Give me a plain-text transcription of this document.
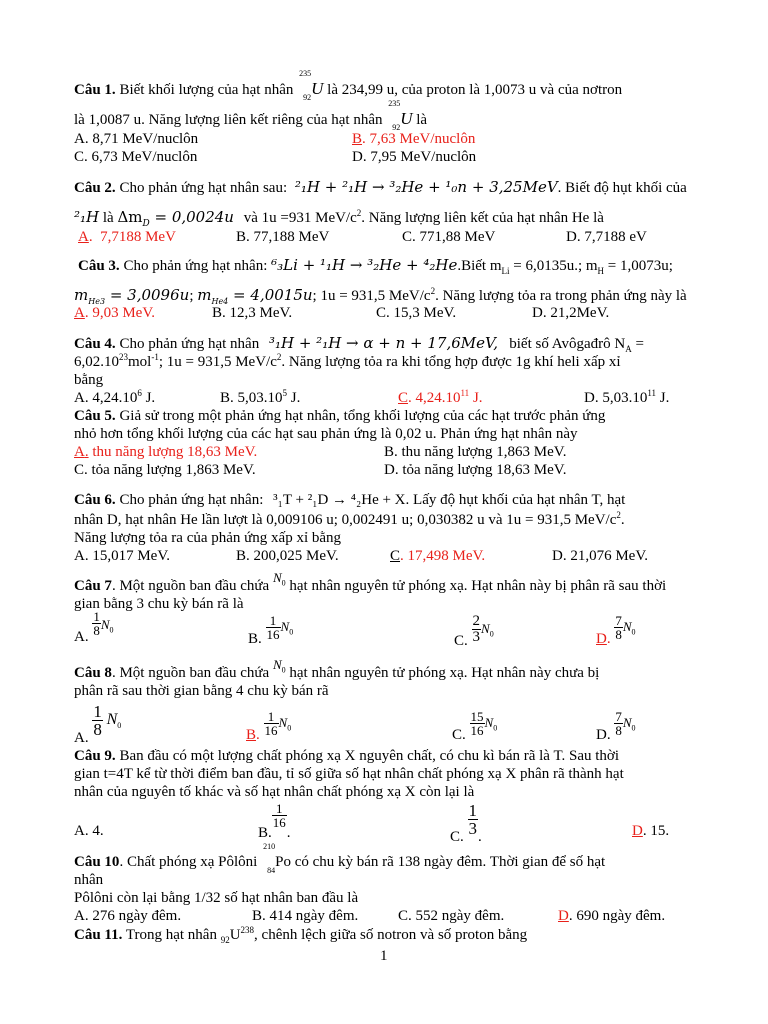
Câu 1. Biết khối lượng của hạt nhân
235
92 U là 234,99 u, của proton là 1,0073 u và của nơtron
là 1,0087 u. Năng lượng liên kết riêng của hạt nhân
235
92 U là
A. 8,71 MeV/nuclôn	B. 7,63 MeV/nuclôn
C. 6,73 MeV/nuclôn	D. 7,95 MeV/nuclôn
Câu 2. Cho phản ứng hạt nhân sau: ²₁H + ²₁H → ³₂He + ¹₀n + 3,25MeV. Biết độ hụt khối của
²₁H là $\Delta m_D = 0,0024u$ và 1u =931 MeV/$c^2$. Năng lượng liên kết của hạt nhân He là
A.  7,7188 MeV	B. 77,188 MeV	C. 771,88 MeV	D. 7,7188 eV
Câu 3. Cho phản ứng hạt nhân: ⁶₃Li + ¹₁H → ³₂He + ⁴₂He.Biết $m_{Li} = 6,0135u$.; $m_H = 1,0073u$;
$m_{He3} = 3,0096u$; $m_{He4} = 4,0015u$; 1u = 931,5 MeV/$c^2$. Năng lượng tỏa ra trong phản ứng này là
A. 9,03 MeV.	B. 12,3 MeV.	C. 15,3 MeV.	D. 21,2MeV.
Câu 4. Cho phản ứng hạt nhân ³₁H + ²₁H → α + n + 17,6MeV,   biết số Avôgađrô $N_A$ =
$6,02.10^{23}mol^{-1}$; 1u = 931,5 MeV/$c^2$. Năng lượng tỏa ra khi tổng hợp được 1g khí heli xấp xỉ
bằng
A. 4,24.10$^6$ J.	B. 5,03.10$^5$ J.	C. 4,24.10$^{11}$ J.	D. 5,03.10$^{11}$ J.
Câu 5. Giả sử trong một phản ứng hạt nhân, tổng khối lượng của các hạt trước phản ứng
nhỏ hơn tổng khối lượng của các hạt sau phản ứng là 0,02 u. Phản ứng hạt nhân này
A. thu năng lượng 18,63 MeV.	B. thu năng lượng 1,863 MeV.
C. tỏa năng lượng 1,863 MeV.	D. tỏa năng lượng 18,63 MeV.
Câu 6. Cho phản ứng hạt nhân: ³₁T + ²₁D → ⁴₂He + X. Lấy độ hụt khối của hạt nhân T, hạt
nhân D, hạt nhân He lần lượt là 0,009106 u; 0,002491 u; 0,030382 u và 1u = 931,5 MeV/$c^2$.
Năng lượng tỏa ra của phản ứng xấp xỉ bằng
A. 15,017 MeV.	B. 200,025 MeV.	C. 17,498 MeV.	D. 21,076 MeV.
Câu 7. Một nguồn ban đầu chứa $N_0$ hạt nhân nguyên tử phóng xạ. Hạt nhân này bị phân rã sau thời
gian bằng 3 chu kỳ bán rã là
A. $\frac{1}{8} N_0$
B. $\frac{1}{16} N_0$
C. $\frac{2}{3} N_0$	D. $\frac{7}{8} N_0$
Câu 8. Một nguồn ban đầu chứa $N_0$ hạt nhân nguyên tử phóng xạ. Hạt nhân này chưa bị
phân rã sau thời gian bằng 4 chu kỳ bán rã
A. $\frac{1}{8} N_0$
B. $\frac{1}{16} N_0$	C. $\frac{15}{16} N_0$	D. $\frac{7}{8} N_0$
Câu 9. Ban đầu có một lượng chất phóng xạ X nguyên chất, có chu kì bán rã là T. Sau thời
gian t=4T kể từ thời điểm ban đầu, tỉ số giữa số hạt nhân chất phóng xạ X phân rã thành hạt
nhân của nguyên tố khác và số hạt nhân chất phóng xạ X còn lại là
A. 4.	B.
$\frac{1}{16}$
.	C. $\frac{1}{3}$ .	D. 15.
Câu 10. Chất phóng xạ Pôlôni
210
84
Po có chu kỳ bán rã 138 ngày đêm. Thời gian để số hạt
nhân
Pôlôni còn lại bằng 1/32 số hạt nhân ban đầu là
A. 276 ngày đêm.	B. 414 ngày đêm.	C. 552 ngày đêm.	D. 690 ngày đêm.
Câu 11. Trong hạt nhân $_{92}U^{238}$, chênh lệch giữa số notron và số proton bằng
1
